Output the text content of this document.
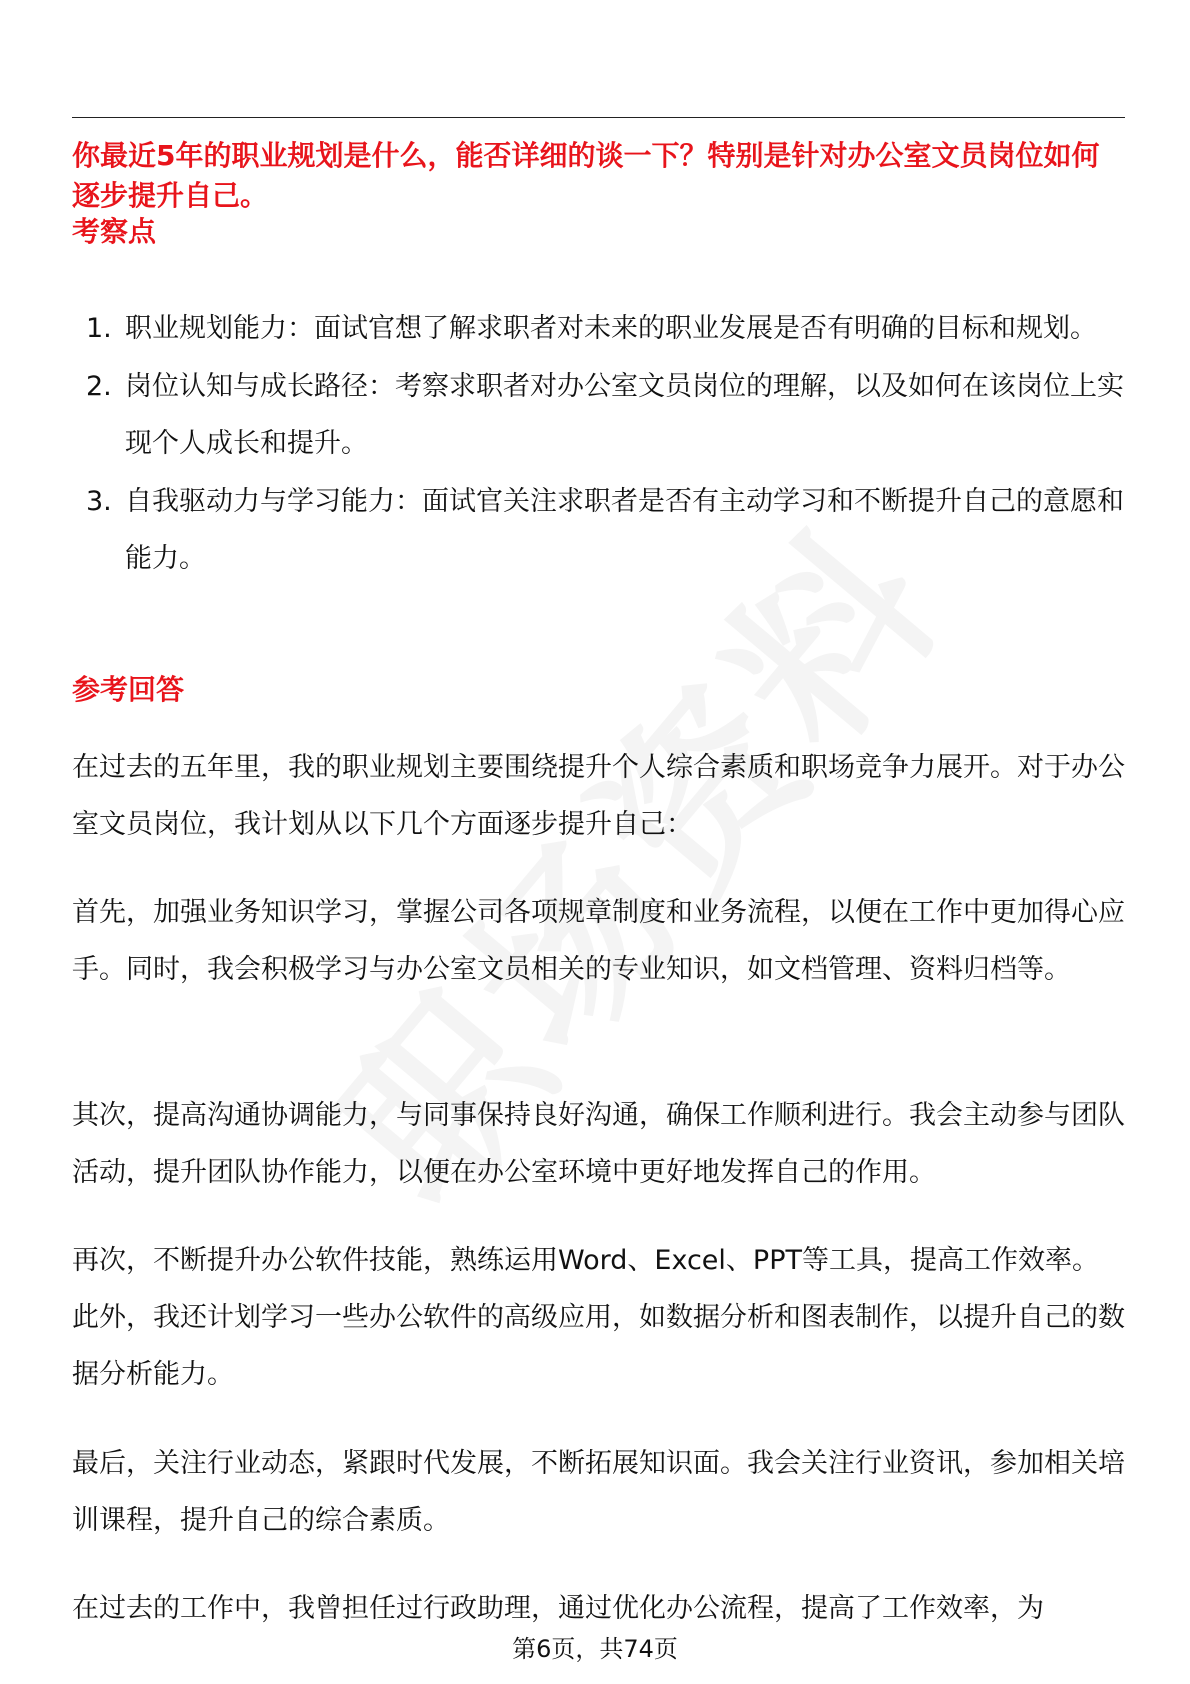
你最近5年的职业规划是什么，能否详细的谈一下？特别是针对办公室文员岗位如何逐步提升自己。

考察点
1. 职业规划能力：面试官想了解求职者对未来的职业发展是否有明确的目标和规划。
2. 岗位认知与成长路径：考察求职者对办公室文员岗位的理解，以及如何在该岗位上实现个人成长和提升。
3. 自我驱动力与学习能力：面试官关注求职者是否有主动学习和不断提升自己的意愿和能力。
参考回答

在过去的五年里，我的职业规划主要围绕提升个人综合素质和职场竞争力展开。对于办公室文员岗位，我计划从以下几个方面逐步提升自己：

首先，加强业务知识学习，掌握公司各项规章制度和业务流程，以便在工作中更加得心应手。同时，我会积极学习与办公室文员相关的专业知识，如文档管理、资料归档等。

其次，提高沟通协调能力，与同事保持良好沟通，确保工作顺利进行。我会主动参与团队活动，提升团队协作能力，以便在办公室环境中更好地发挥自己的作用。

再次，不断提升办公软件技能，熟练运用Word、Excel、PPT等工具，提高工作效率。此外，我还计划学习一些办公软件的高级应用，如数据分析和图表制作，以提升自己的数据分析能力。

最后，关注行业动态，紧跟时代发展，不断拓展知识面。我会关注行业资讯，参加相关培训课程，提升自己的综合素质。

在过去的工作中，我曾担任过行政助理，通过优化办公流程，提高了工作效率，为

第6页，共74页
